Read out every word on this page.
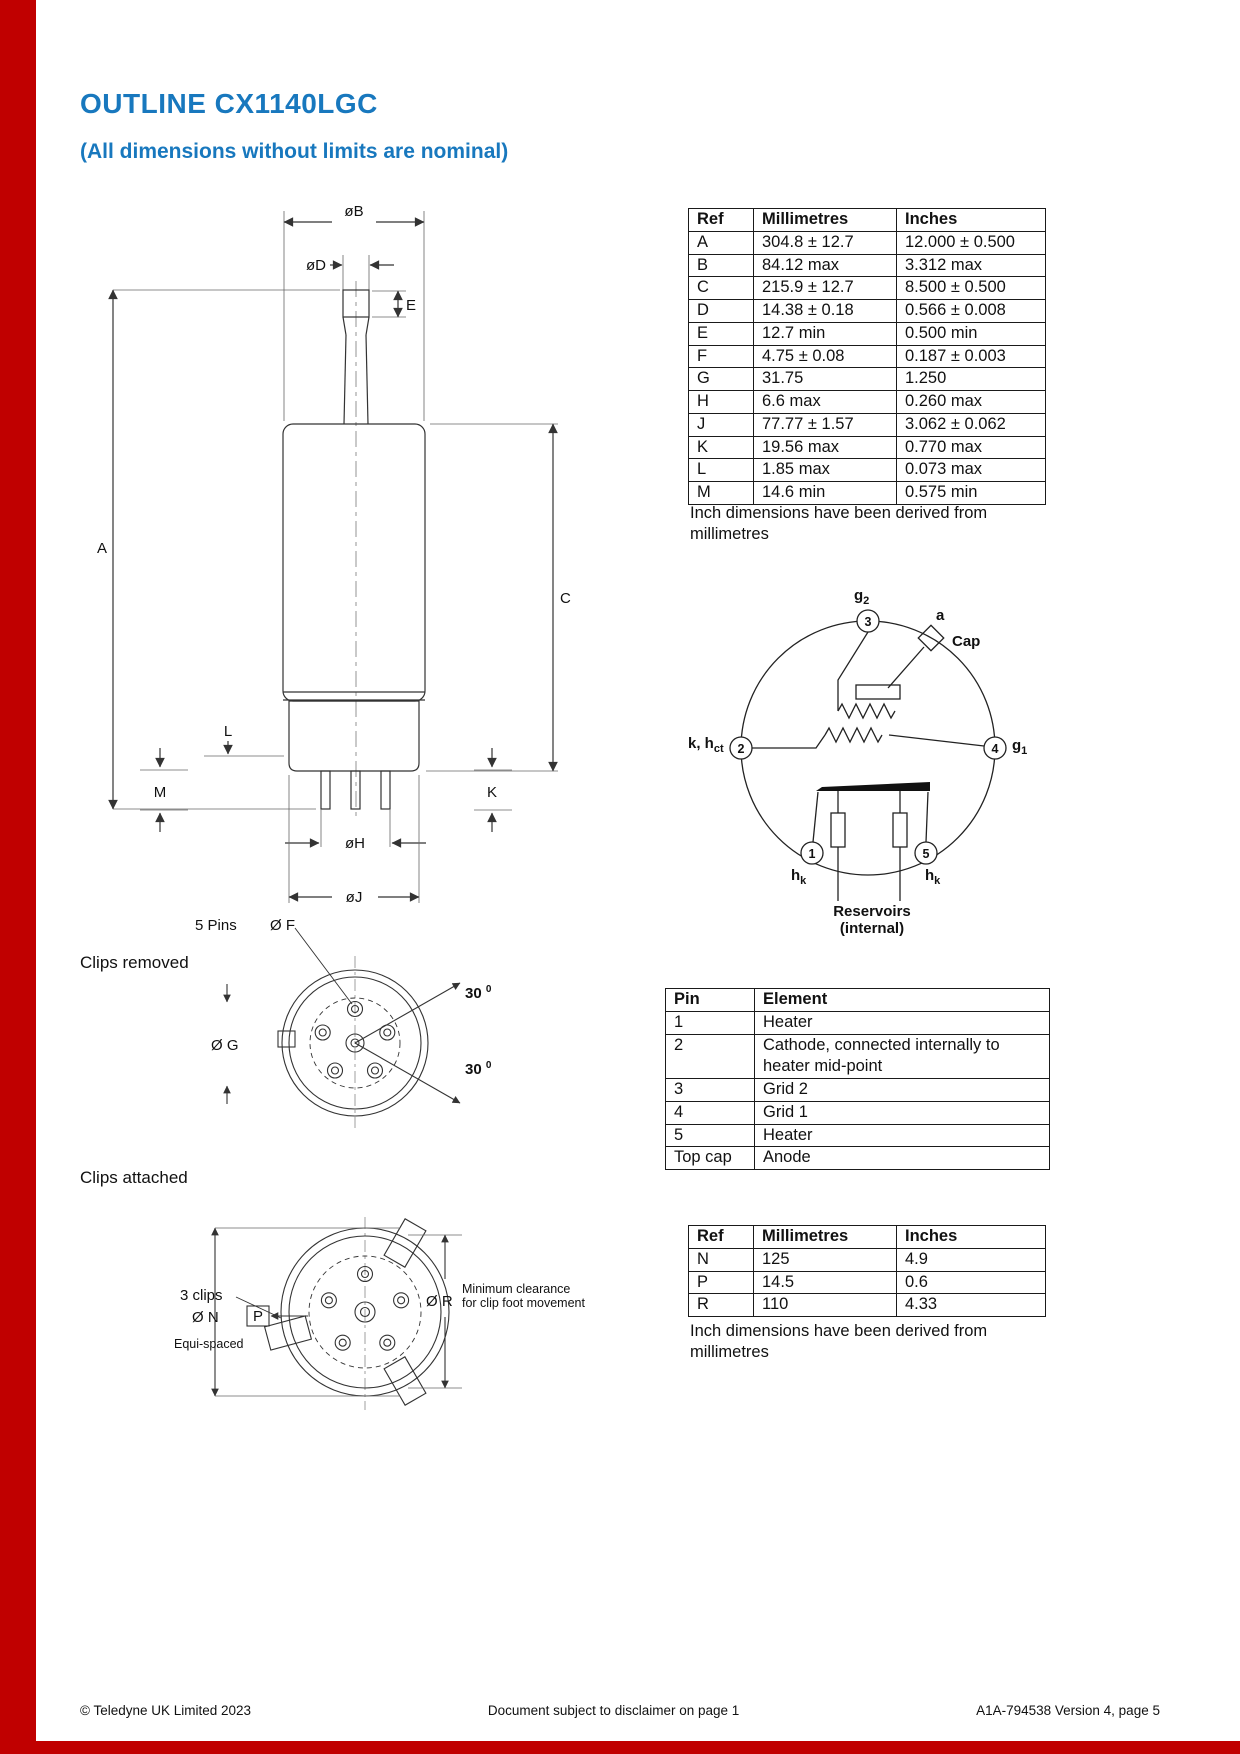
OUTLINE CX1140LGC
(All dimensions without limits are nominal)
øB
øD
E
A
C
L
M	K
øH
øJ
Ref	Millimetres	Inches
A	304.8 ± 12.7	12.000 ± 0.500
B	84.12 max	3.312 max
C	215.9 ± 12.7	8.500 ± 0.500
D	14.38 ± 0.18	0.566 ± 0.008
E	12.7 min	0.500 min
F	4.75 ± 0.08	0.187 ± 0.003
G	31.75	1.250
H	6.6 max	0.260 max
J	77.77 ± 1.57	3.062 ± 0.062
K	19.56 max	0.770 max
L	1.85 max	0.073 max
M	14.6 min	0.575 min
Inch dimensions have been derived from millimetres
3
2	4
1	5
$g_2$
a
Cap
k, $h_{ct}$	$g_1$
$h_k$	$h_k$
Reservoirs
(internal)
Pin	Element
1	Heater
2	Cathode, connected internally to heater mid-point
3	Grid 2
4	Grid 1
5	Heater
Top cap	Anode
Clips removed
5 Pins Ø F
Ø G
30 $^0$
30 $^0$
Clips attached
3 clips
Ø N P
Equi-spaced
Minimum clearance
for clip foot movement
Ø R
Ref	Millimetres	Inches
N	125	4.9
P	14.5	0.6
R	110	4.33
Inch dimensions have been derived from millimetres
© Teledyne UK Limited 2023	Document subject to disclaimer on page 1	A1A-794538 Version 4, page 5
